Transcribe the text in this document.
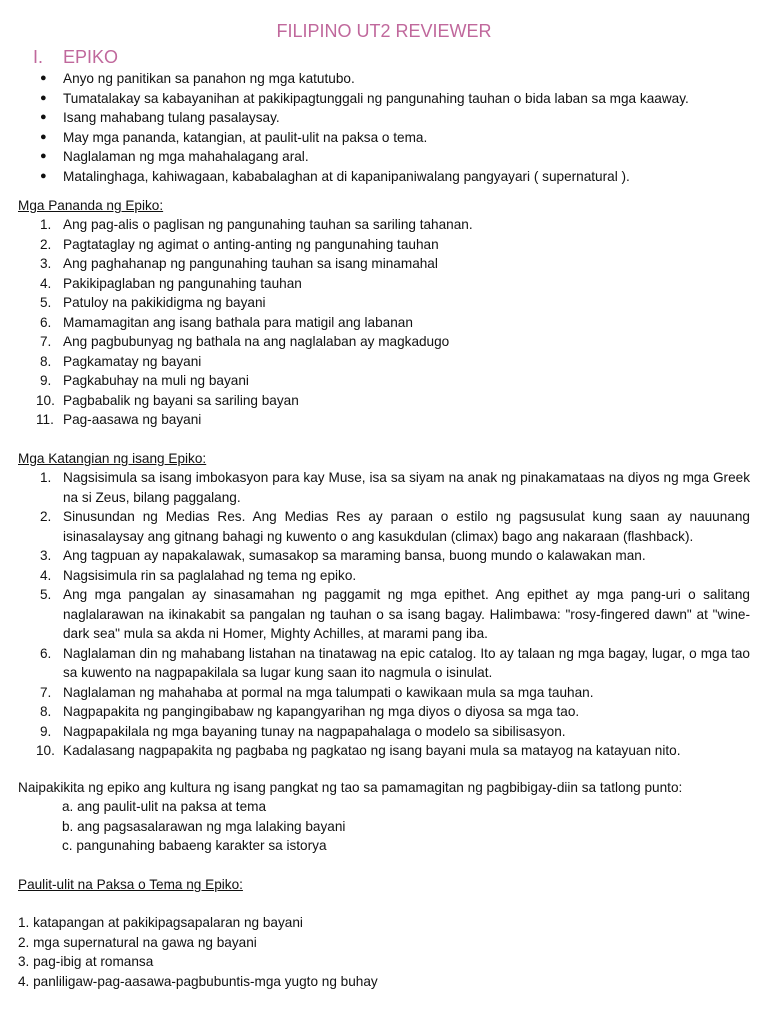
FILIPINO UT2 REVIEWER
I. EPIKO
● Anyo ng panitikan sa panahon ng mga katutubo.
● Tumatalakay sa kabayanihan at pakikipagtunggali ng pangunahing tauhan o bida laban sa mga kaaway.
● Isang mahabang tulang pasalaysay.
● May mga pananda, katangian, at paulit-ulit na paksa o tema.
● Naglalaman ng mga mahahalagang aral.
● Matalinghaga, kahiwagaan, kababalaghan at di kapanipaniwalang pangyayari ( supernatural ).
Mga Pananda ng Epiko:
1. Ang pag-alis o paglisan ng pangunahing tauhan sa sariling tahanan.
2. Pagtataglay ng agimat o anting-anting ng pangunahing tauhan
3. Ang paghahanap ng pangunahing tauhan sa isang minamahal
4. Pakikipaglaban ng pangunahing tauhan
5. Patuloy na pakikidigma ng bayani
6. Mamamagitan ang isang bathala para matigil ang labanan
7. Ang pagbubunyag ng bathala na ang naglalaban ay magkadugo
8. Pagkamatay ng bayani
9. Pagkabuhay na muli ng bayani
10. Pagbabalik ng bayani sa sariling bayan
11. Pag-aasawa ng bayani
Mga Katangian ng isang Epiko:
1. Nagsisimula sa isang imbokasyon para kay Muse, isa sa siyam na anak ng pinakamataas na diyos ng mga Greek na si Zeus, bilang paggalang.
2. Sinusundan ng Medias Res. Ang Medias Res ay paraan o estilo ng pagsusulat kung saan ay nauunang isinasalaysay ang gitnang bahagi ng kuwento o ang kasukdulan (climax) bago ang nakaraan (flashback).
3. Ang tagpuan ay napakalawak, sumasakop sa maraming bansa, buong mundo o kalawakan man.
4. Nagsisimula rin sa paglalahad ng tema ng epiko.
5. Ang mga pangalan ay sinasamahan ng paggamit ng mga epithet. Ang epithet ay mga pang-uri o salitang naglalarawan na ikinakabit sa pangalan ng tauhan o sa isang bagay. Halimbawa: "rosy-fingered dawn" at "wine-dark sea" mula sa akda ni Homer, Mighty Achilles, at marami pang iba.
6. Naglalaman din ng mahabang listahan na tinatawag na epic catalog. Ito ay talaan ng mga bagay, lugar, o mga tao sa kuwento na nagpapakilala sa lugar kung saan ito nagmula o isinulat.
7. Naglalaman ng mahahaba at pormal na mga talumpati o kawikaan mula sa mga tauhan.
8. Nagpapakita ng pangingibabaw ng kapangyarihan ng mga diyos o diyosa sa mga tao.
9. Nagpapakilala ng mga bayaning tunay na nagpapahalaga o modelo sa sibilisasyon.
10. Kadalasang nagpapakita ng pagbaba ng pagkatao ng isang bayani mula sa matayog na katayuan nito.
Naipakikita ng epiko ang kultura ng isang pangkat ng tao sa pamamagitan ng pagbibigay-diin sa tatlong punto:
a. ang paulit-ulit na paksa at tema
b. ang pagsasalarawan ng mga lalaking bayani
c. pangunahing babaeng karakter sa istorya
Paulit-ulit na Paksa o Tema ng Epiko:
1. katapangan at pakikipagsapalaran ng bayani
2. mga supernatural na gawa ng bayani
3. pag-ibig at romansa
4. panliligaw-pag-aasawa-pagbubuntis-mga yugto ng buhay
